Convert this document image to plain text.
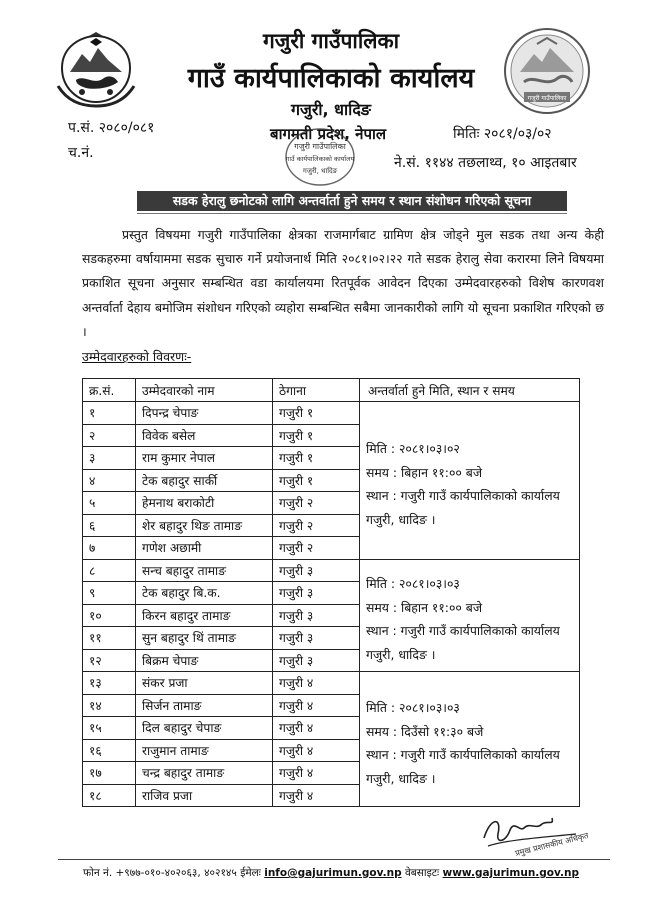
गजुरी गाउँपालिका
गजुरी गाउँपालिका
गाउँ कार्यपालिकाको कार्यालय
गजुरी, धादिङ
बागमती प्रदेश, नेपाल
गजुरी गाउँपालिका
गाउँ कार्यपालिकाको कार्यालय
गजुरी, धादिङ
प.सं. २०८०/०८१
च.नं.
मितिः २०८१/०३/०२
ने.सं. ११४४ तछलाथ्व, १० आइतबार
सडक हेरालु छनोटको लागि अन्तर्वार्ता हुने समय र स्थान संशोधन गरिएको सूचना
प्रस्तुत विषयमा गजुरी गाउँपालिका क्षेत्रका राजमार्गबाट ग्रामिण क्षेत्र जोड्ने मुल सडक तथा अन्य केही सडकहरुमा वर्षायाममा सडक सुचारु गर्ने प्रयोजनार्थ मिति २०८१।०२।२२ गते सडक हेरालु सेवा करारमा लिने विषयमा प्रकाशित सूचना अनुसार सम्बन्धित वडा कार्यालयमा रितपूर्वक आवेदन दिएका उम्मेदवारहरुको विशेष कारणवश अन्तर्वार्ता देहाय बमोजिम संशोधन गरिएको व्यहोरा सम्बन्धित सबैमा जानकारीको लागि यो सूचना प्रकाशित गरिएको छ ।
उम्मेदवारहरुको विवरणः-
क्र.सं.	उम्मेदवारको नाम	ठेगाना	अन्तर्वार्ता हुने मिति, स्थान र समय
१	दिपन्द्र चेपाङ	गजुरी १	मिति : २०८१।०३।०२
समय : बिहान ११:०० बजे
स्थान : गजुरी गाउँ कार्यपालिकाको कार्यालय गजुरी, धादिङ ।

२	विवेक बसेल	गजुरी १	
३	राम कुमार नेपाल	गजुरी १	
४	टेक बहादुर सार्की	गजुरी १	
५	हेमनाथ बराकोटी	गजुरी २	
६	शेर बहादुर थिङ तामाङ	गजुरी २	
७	गणेश अछामी	गजुरी २	
८	सन्च बहादुर तामाङ	गजुरी ३	मिति : २०८१।०३।०३
समय : बिहान ११:०० बजे
स्थान : गजुरी गाउँ कार्यपालिकाको कार्यालय गजुरी, धादिङ ।

९	टेक बहादुर बि.क.	गजुरी ३	
१०	किरन बहादुर तामाङ	गजुरी ३	
११	सुन बहादुर थिं तामाङ	गजुरी ३	
१२	बिक्रम चेपाङ	गजुरी ३	
१३	संकर प्रजा	गजुरी ४	मिति : २०८१।०३।०३
समय : दिउँसो ११:३० बजे
स्थान : गजुरी गाउँ कार्यपालिकाको कार्यालय गजुरी, धादिङ ।

१४	सिर्जन तामाङ	गजुरी ४	
१५	दिल बहादुर चेपाङ	गजुरी ४	
१६	राजुमान तामाङ	गजुरी ४	
१७	चन्द्र बहादुर तामाङ	गजुरी ४	
१८	राजिव प्रजा	गजुरी ४	
प्रमुख प्रशासकीय अधिकृत
फोन नं. +९७७-०१०-४०२०६३, ४०२१४५ ईमेलः info@gajurimun.gov.np वेबसाइटः www.gajurimun.gov.np
